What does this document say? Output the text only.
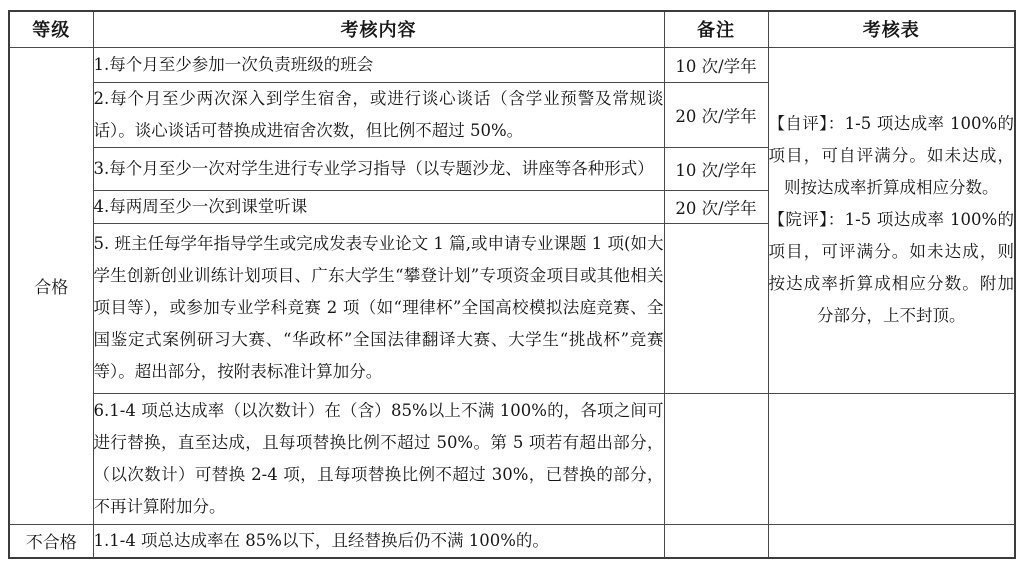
等级	考核内容	备注	考核表
合格	1.每个月至少参加一次负责班级的班会	10 次/学年	【自评】：1-5 项达成率 100%的项目，可自评满分。如未达成，则按达成率折算成相应分数。

【院评】：1-5 项达成率 100%的项目，可评满分。如未达成，则按达成率折算成相应分数。附加分部分，上不封顶。

	2.每个月至少两次深入到学生宿舍，或进行谈心谈话（含学业预警及常规谈话）。谈心谈话可替换成进宿舍次数，但比例不超过 50%。	20 次/学年	
	3.每个月至少一次对学生进行专业学习指导（以专题沙龙、讲座等各种形式）	10 次/学年	
	4.每两周至少一次到课堂听课	20 次/学年	
	5. 班主任每学年指导学生或完成发表专业论文 1 篇,或申请专业课题 1 项(如大学生创新创业训练计划项目、广东大学生“攀登计划”专项资金项目或其他相关项目等），或参加专业学科竞赛 2 项（如“理律杯”全国高校模拟法庭竞赛、全国鉴定式案例研习大赛、“华政杯”全国法律翻译大赛、大学生“挑战杯”竞赛等）。超出部分，按附表标准计算加分。		
	6.1-4 项总达成率（以次数计）在（含）85%以上不满 100%的，各项之间可进行替换，直至达成，且每项替换比例不超过 50%。第 5 项若有超出部分，（以次数计）可替换 2-4 项，且每项替换比例不超过 30%，已替换的部分，不再计算附加分。		
不合格	1.1-4 项总达成率在 85%以下，且经替换后仍不满 100%的。		
